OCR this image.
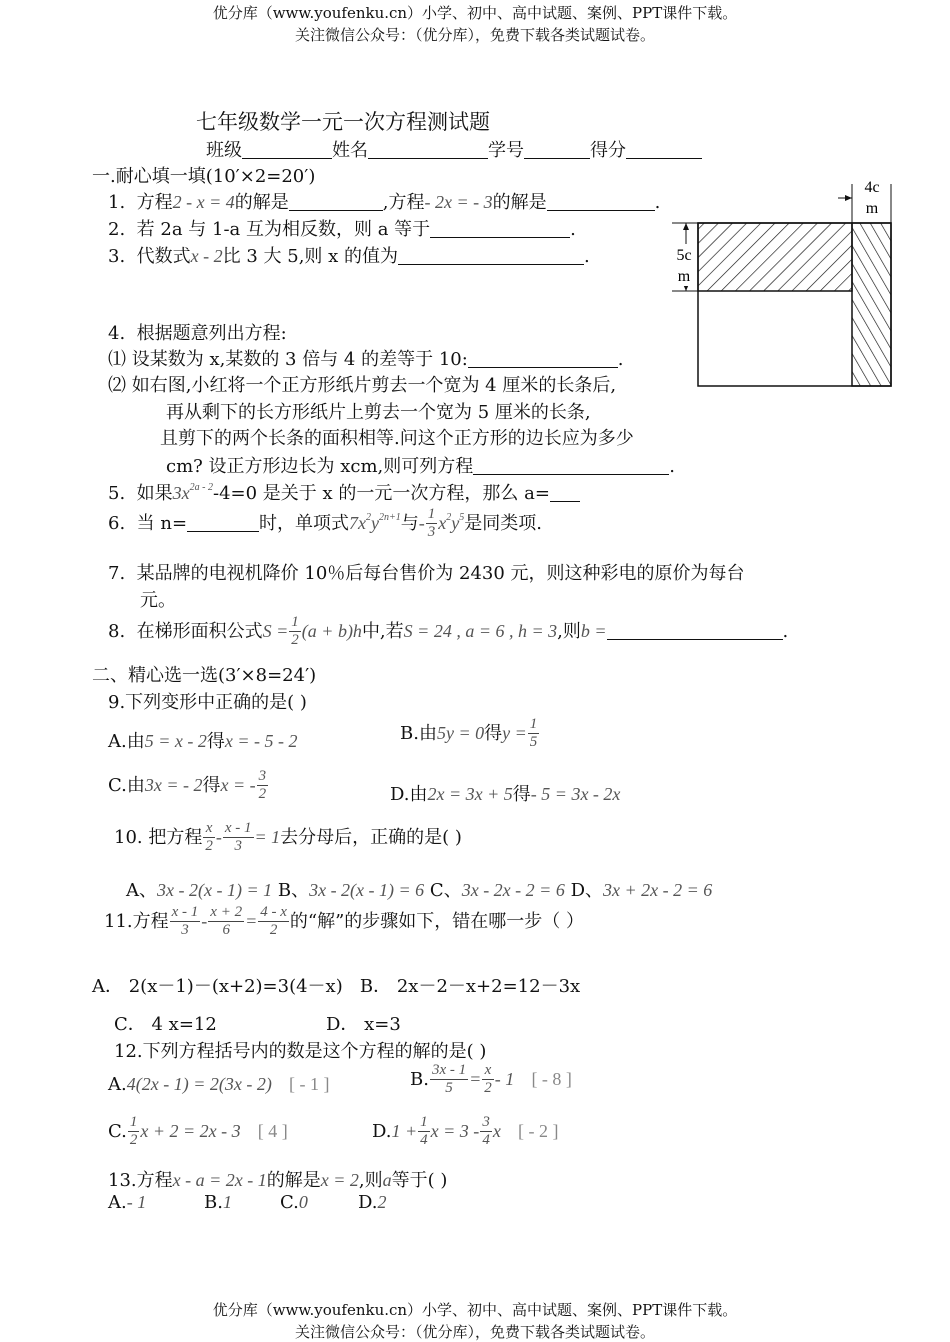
优分库（www.youfenku.cn）小学、初中、高中试题、案例、PPT课件下载。
关注微信公众号：（优分库），免费下载各类试题试卷。
七年级数学一元一次方程测试题
班级	姓名	学号	得分
一.耐心填一填(10′×2=20′)
1. 方程2 - x = 4的解是	,方程- 2x = - 3的解是	.
2. 若 2a 与 1-a 互为相反数，则 a 等于	.
3. 代数式x - 2比 3 大 5,则 x 的值为	.
4. 根据题意列出方程:
⑴ 设某数为 x,某数的 3 倍与 4 的差等于 10:	.
⑵ 如右图,小红将一个正方形纸片剪去一个宽为 4 厘米的长条后,
再从剩下的长方形纸片上剪去一个宽为 5 厘米的长条,
且剪下的两个长条的面积相等.问这个正方形的边长应为多少
cm? 设正方形边长为 xcm,则可列方程	.
5. 如果$3x^{2a - 2}-4=0$ 是关于 x 的一元一次方程，那么 a=
6. 当 n=	时，单项式$7x^2y^{2n+1}$与- $\frac{1}{3} x^2y^5$是同类项.
7. 某品牌的电视机降价 10％后每台售价为 2430 元，则这种彩电的原价为每台
元。
8. 在梯形面积公式$S = \frac{1}{2} (a + b)h$中,若S = 24 , a = 6 , h = 3,则b =	.
二、精心选一选(3′×8=24′)
9.下列变形中正确的是( )
A.由5 = x - 2得x = - 5 - 2	B.由5y = 0得$y = \frac{1}{5}$
C.由3x = - 2得x = - $\frac{3}{2}$	D.由2x = 3x + 5得- 5 = 3x - 2x
10. 把方程 $\frac{x}{2} - \frac{x - 1}{3} = 1$去分母后，正确的是( )
A、3x - 2(x - 1) = 1 B、3x - 2(x - 1) = 6 C、3x - 2x - 2 = 6 D、3x + 2x - 2 = 6
11.方程 $\frac{x - 1}{3} - \frac{x + 2}{6} = \frac{4 - x}{2}$ 的“解”的步骤如下，错在哪一步（ ）
A． 2(x－1)－(x+2)=3(4－x) B． 2x－2－x+2=12－3x
C． 4 x=12	D． x=3
12.下列方程括号内的数是这个方程的解的是( )
A.4(2x - 1) = 2(3x - 2) [ - 1 ]	B. $\frac{3x - 1}{5} = \frac{x}{2} - 1$ [ - 8 ]
C. $\frac{1}{2}$ x + 2 = 2x - 3 [ 4 ]	$D.1 + \frac{1}{4}$ $x = 3 - \frac{3}{4}$ x [ - 2 ]
13.方程x - a = 2x - 1的解是x = 2,则a等于( )
A.- 1	B.1	C.0	D.2
4c
m
5c
m
优分库（www.youfenku.cn）小学、初中、高中试题、案例、PPT课件下载。
关注微信公众号：（优分库），免费下载各类试题试卷。
